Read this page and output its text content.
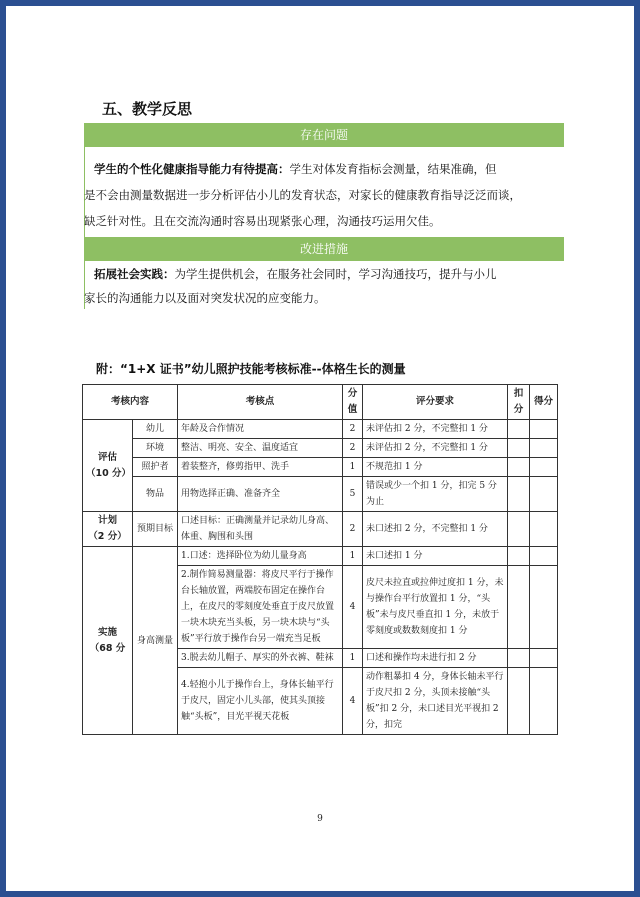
五、教学反思
存在问题
学生的个性化健康指导能力有待提高：学生对体发育指标会测量，结果准确，但
是不会由测量数据进一步分析评估小儿的发育状态，对家长的健康教育指导泛泛而谈，
缺乏针对性。且在交流沟通时容易出现紧张心理，沟通技巧运用欠佳。
改进措施
拓展社会实践：为学生提供机会，在服务社会同时，学习沟通技巧，提升与小儿
家长的沟通能力以及面对突发状况的应变能力。
附：“1+X 证书”幼儿照护技能考核标准--体格生长的测量
考核内容		考核点	分值	评分要求	扣分	得分
评估
（10 分）	幼儿	年龄及合作情况	2	未评估扣 2 分，不完整扣 1 分		
	环境	整洁、明亮、安全、温度适宜	2	未评估扣 2 分，不完整扣 1 分		
	照护者	着装整齐，修剪指甲、洗手	1	不规范扣 1 分		
	物品	用物选择正确、准备齐全	5	错误或少一个扣 1 分，扣完 5 分为止		
计划
（2 分）	预期目标	口述目标：正确测量并记录幼儿身高、体重、胸围和头围	2	未口述扣 2 分，不完整扣 1 分		
实施
（68 分	身高测量	1.口述：选择卧位为幼儿量身高	1	未口述扣 1 分		
		2.制作简易测量器：将皮尺平行于操作台长轴放置，两端胶布固定在操作台上，在皮尺的零刻度处垂直于皮尺放置一块木块充当头板，另一块木块与“头板”平行放于操作台另一端充当足板	4	皮尺未拉直或拉伸过度扣 1 分，未与操作台平行放置扣 1 分，“头板”未与皮尺垂直扣 1 分，未放于零刻度或数数刻度扣 1 分		
		3.脱去幼儿帽子、厚实的外衣裤、鞋袜	1	口述和操作均未进行扣 2 分		
		4.轻抱小儿于操作台上，身体长轴平行于皮尺，固定小儿头部，使其头顶接触“头板”，目光平视天花板	4	动作粗暴扣 4 分，身体长轴未平行于皮尺扣 2 分，头顶未接触“头板”扣 2 分，未口述目光平视扣 2 分，扣完		
9
